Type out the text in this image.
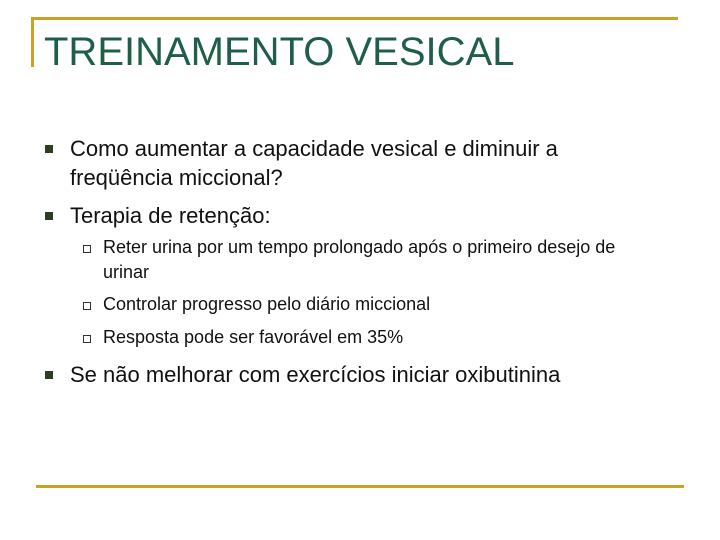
TREINAMENTO VESICAL
Como aumentar a capacidade vesical e diminuir a freqüência miccional?
Terapia de retenção:
Reter urina por um tempo prolongado após o primeiro desejo de urinar
Controlar progresso pelo diário miccional
Resposta pode ser favorável em 35%
Se não melhorar com exercícios iniciar oxibutinina
